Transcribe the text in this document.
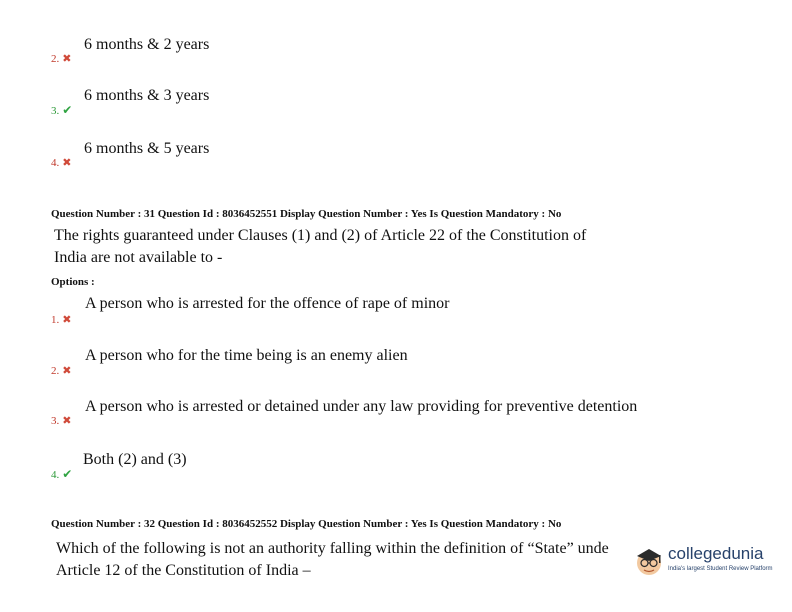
2. ✖
6 months & 2 years
3. ✔
6 months & 3 years
4. ✖
6 months & 5 years
Question Number : 31 Question Id : 8036452551 Display Question Number : Yes Is Question Mandatory : No
The rights guaranteed under Clauses (1) and (2) of Article 22 of the Constitution of
India are not available to -
Options :
1. ✖
A person who is arrested for the offence of rape of minor
2. ✖
A person who for the time being is an enemy alien
3. ✖
A person who is arrested or detained under any law providing for preventive detention
4. ✔
Both (2) and (3)
Question Number : 32 Question Id : 8036452552 Display Question Number : Yes Is Question Mandatory : No
Which of the following is not an authority falling within the definition of “State” unde
Article 12 of the Constitution of India –
collegedunia
India's largest Student Review Platform
